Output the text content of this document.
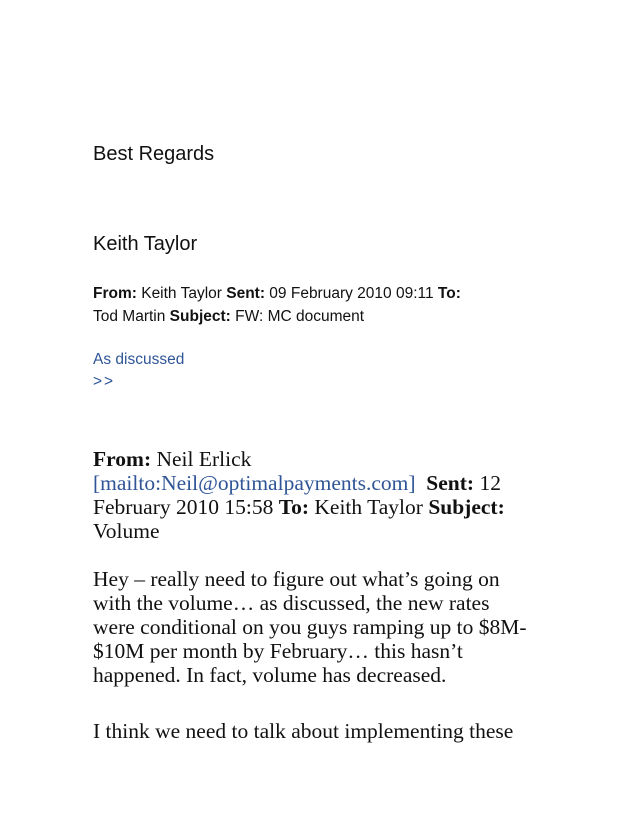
Best Regards
Keith Taylor
From: Keith Taylor Sent: 09 February 2010 09:11 To:
Tod Martin Subject: FW: MC document
As discussed
>>
From: Neil Erlick
[mailto:Neil@optimalpayments.com] Sent: 12
February 2010 15:58 To: Keith Taylor Subject:
Volume
Hey – really need to figure out what’s going on
with the volume… as discussed, the new rates
were conditional on you guys ramping up to $8M-
$10M per month by February… this hasn’t
happened. In fact, volume has decreased.
I think we need to talk about implementing these
